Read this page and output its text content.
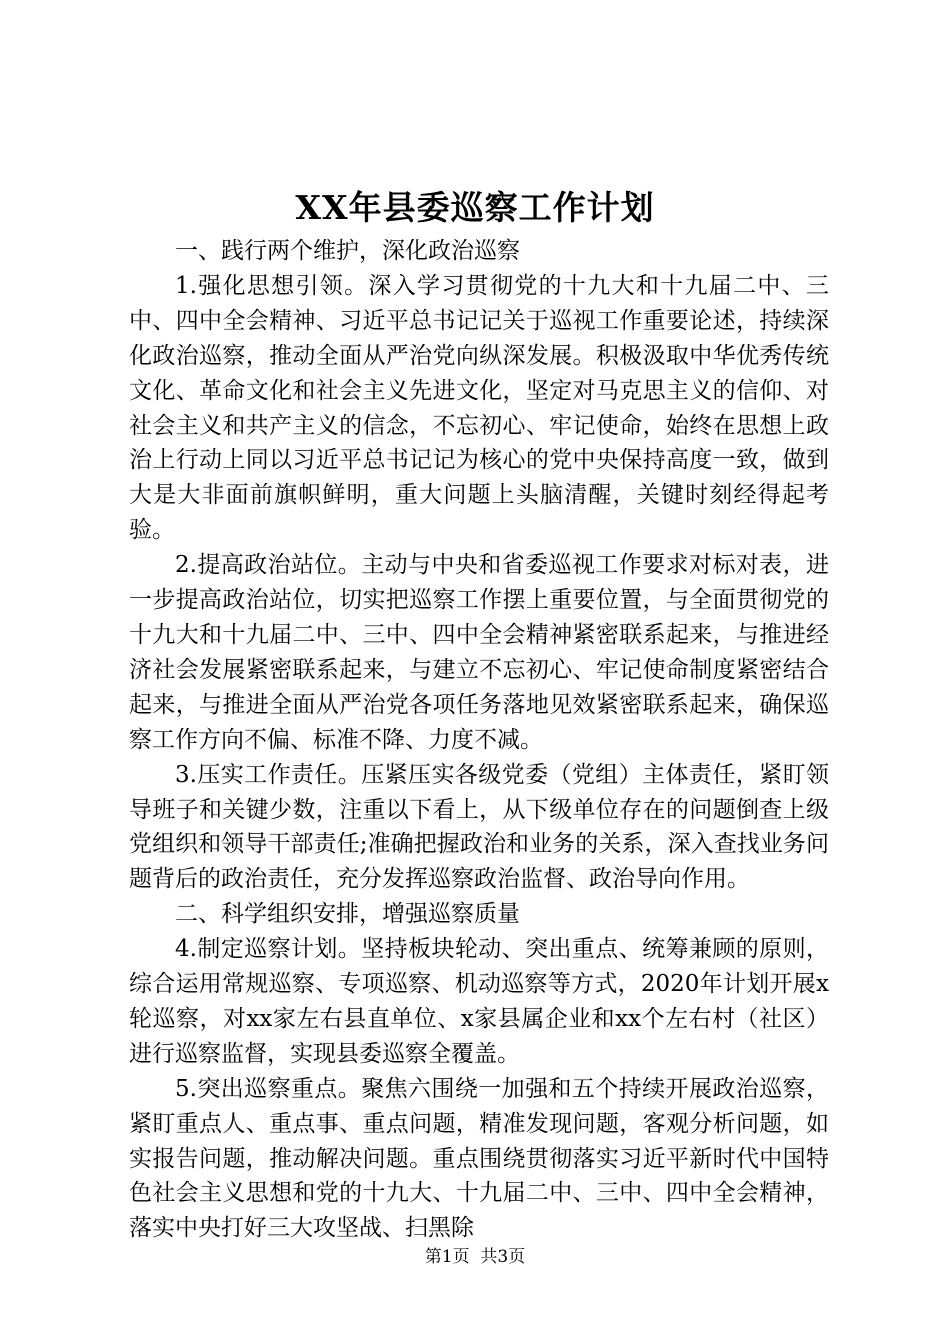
XX年县委巡察工作计划

一、践行两个维护，深化政治巡察

1.强化思想引领。深入学习贯彻党的十九大和十九届二中、三中、四中全会精神、习近平总书记记关于巡视工作重要论述，持续深化政治巡察，推动全面从严治党向纵深发展。积极汲取中华优秀传统文化、革命文化和社会主义先进文化，坚定对马克思主义的信仰、对社会主义和共产主义的信念，不忘初心、牢记使命，始终在思想上政治上行动上同以习近平总书记记为核心的党中央保持高度一致，做到大是大非面前旗帜鲜明，重大问题上头脑清醒，关键时刻经得起考验。

2.提高政治站位。主动与中央和省委巡视工作要求对标对表，进一步提高政治站位，切实把巡察工作摆上重要位置，与全面贯彻党的十九大和十九届二中、三中、四中全会精神紧密联系起来，与推进经济社会发展紧密联系起来，与建立不忘初心、牢记使命制度紧密结合起来，与推进全面从严治党各项任务落地见效紧密联系起来，确保巡察工作方向不偏、标准不降、力度不减。

3.压实工作责任。压紧压实各级党委（党组）主体责任，紧盯领导班子和关键少数，注重以下看上，从下级单位存在的问题倒查上级党组织和领导干部责任;准确把握政治和业务的关系，深入查找业务问题背后的政治责任，充分发挥巡察政治监督、政治导向作用。

二、科学组织安排，增强巡察质量

4.制定巡察计划。坚持板块轮动、突出重点、统筹兼顾的原则，综合运用常规巡察、专项巡察、机动巡察等方式，2020年计划开展x轮巡察，对xx家左右县直单位、x家县属企业和xx个左右村（社区）进行巡察监督，实现县委巡察全覆盖。

5.突出巡察重点。聚焦六围绕一加强和五个持续开展政治巡察，紧盯重点人、重点事、重点问题，精准发现问题，客观分析问题，如实报告问题，推动解决问题。重点围绕贯彻落实习近平新时代中国特色社会主义思想和党的十九大、十九届二中、三中、四中全会精神，落实中央打好三大攻坚战、扫黑除

第1页  共3页
